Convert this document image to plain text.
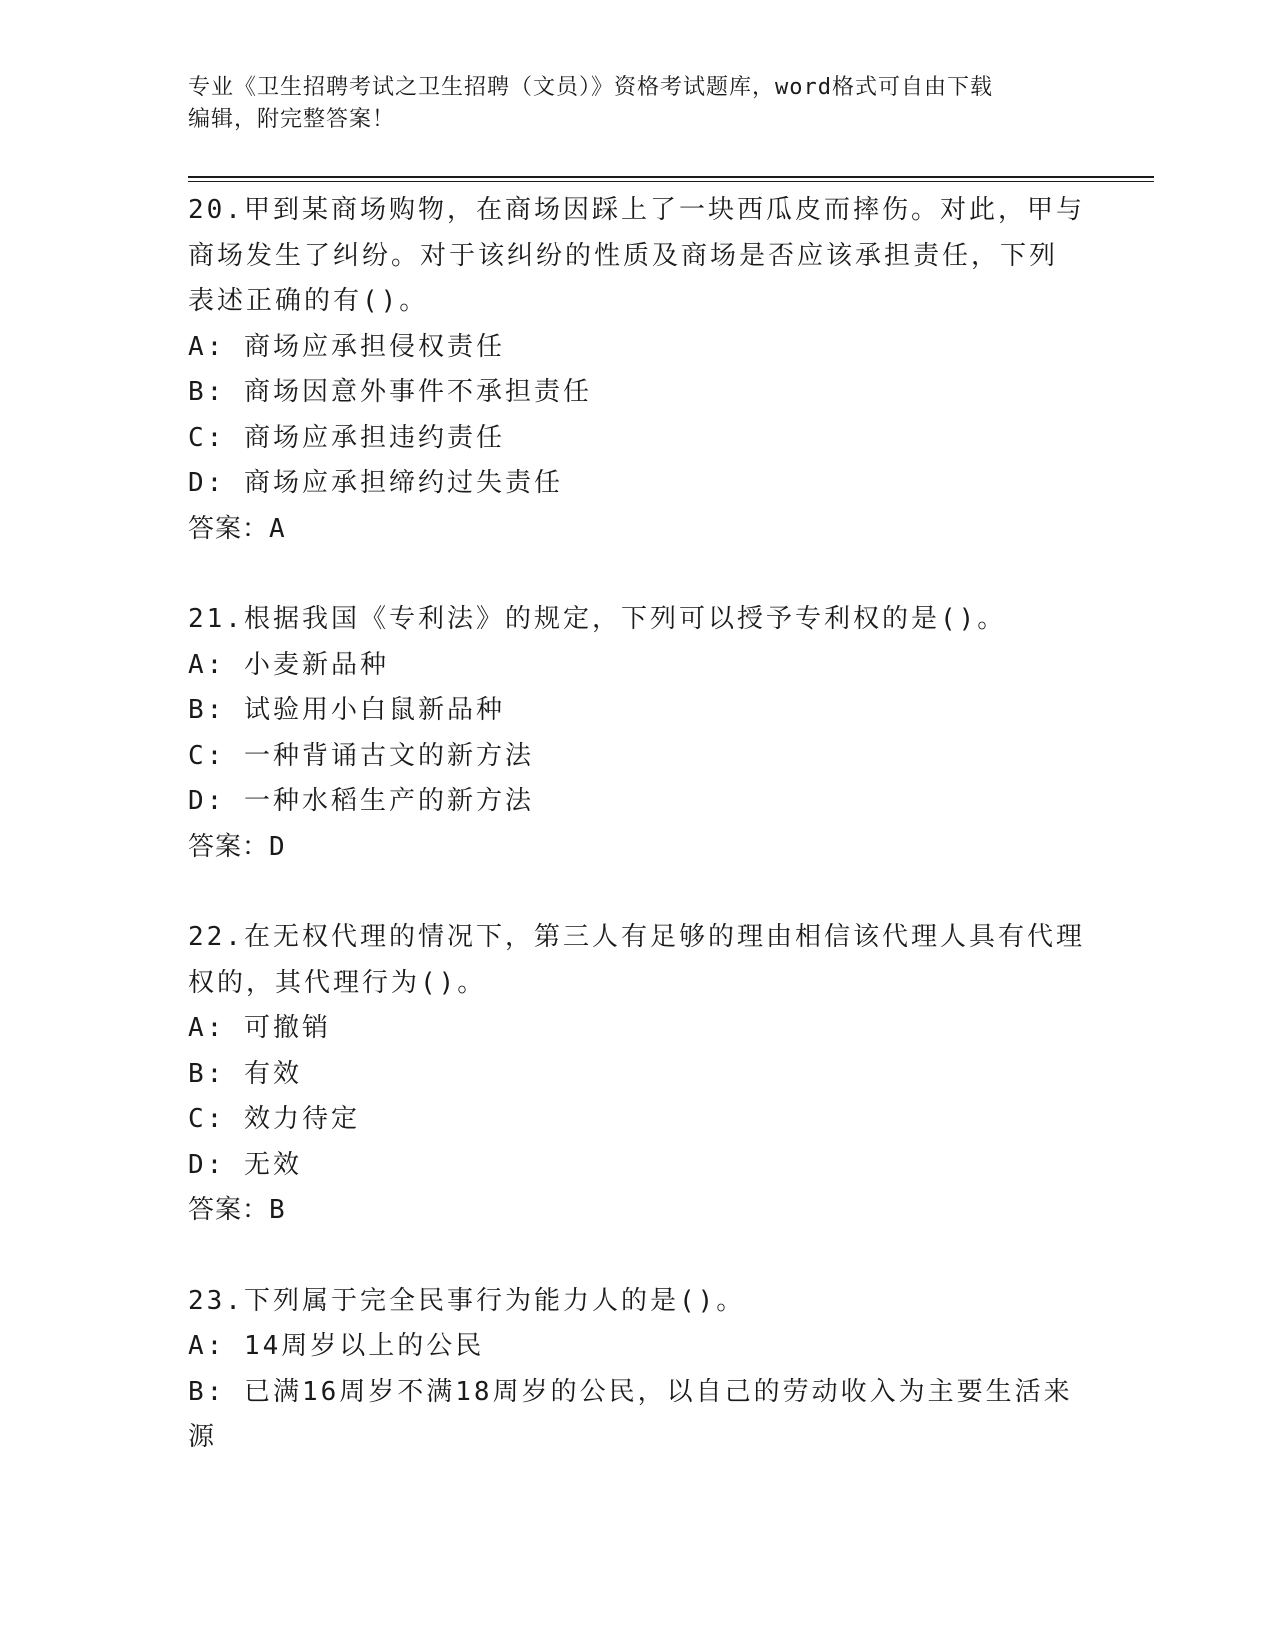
专业《卫生招聘考试之卫生招聘（文员）》资格考试题库，word格式可自由下载
编辑，附完整答案！
20.甲到某商场购物，在商场因踩上了一块西瓜皮而摔伤。对此，甲与
商场发生了纠纷。对于该纠纷的性质及商场是否应该承担责任，下列
表述正确的有()。
A: 商场应承担侵权责任
B: 商场因意外事件不承担责任
C: 商场应承担违约责任
D: 商场应承担缔约过失责任
答案：A
21.根据我国《专利法》的规定，下列可以授予专利权的是()。
A: 小麦新品种
B: 试验用小白鼠新品种
C: 一种背诵古文的新方法
D: 一种水稻生产的新方法
答案：D
22.在无权代理的情况下，第三人有足够的理由相信该代理人具有代理
权的，其代理行为()。
A: 可撤销
B: 有效
C: 效力待定
D: 无效
答案：B
23.下列属于完全民事行为能力人的是()。
A: 14周岁以上的公民
B: 已满16周岁不满18周岁的公民，以自己的劳动收入为主要生活来
源
